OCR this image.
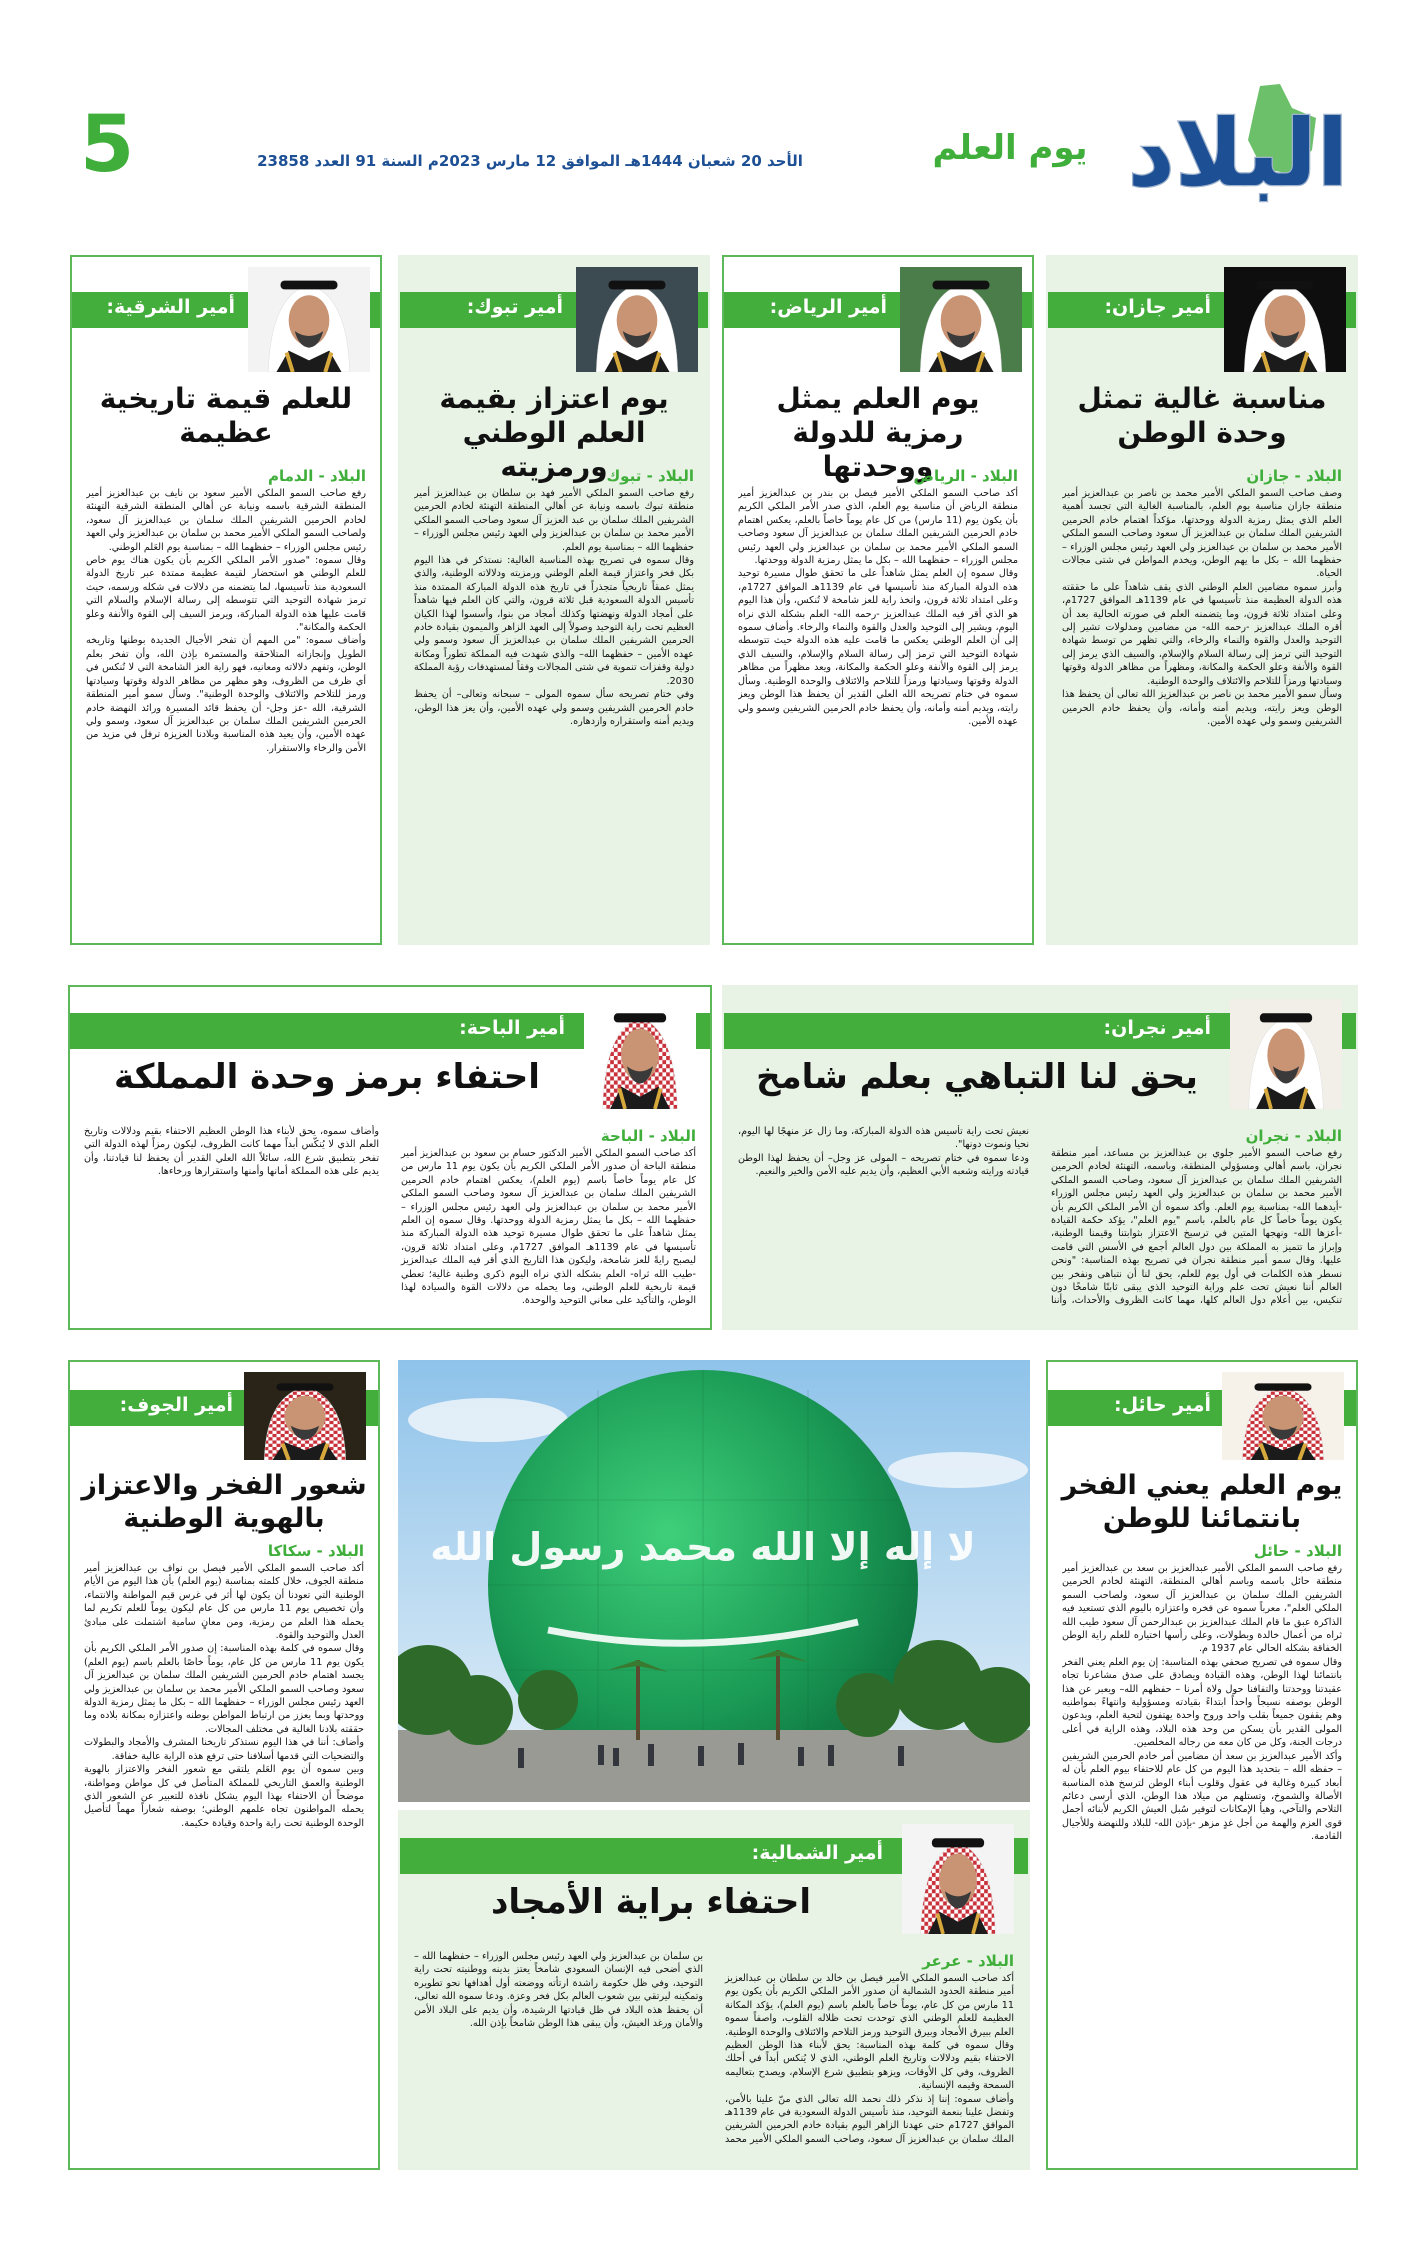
البلاد
يوم العلم
الأحد 20 شعبان 1444هـ الموافق 12 مارس 2023م السنة 91 العدد 23858
5
لا إله إلا الله محمد رسول الله
أمير جازان:
مناسبة غالية تمثل وحدة الوطن
البلاد - جازان

وصف صاحب السمو الملكي الأمير محمد بن ناصر بن عبدالعزيز أمير منطقة جازان مناسبة يوم العلم، بالمناسبة الغالية التي تجسد أهمية العلم الذي يمثل رمزية الدولة ووحدتها، مؤكداً اهتمام خادم الحرمين الشريفين الملك سلمان بن عبدالعزيز آل سعود وصاحب السمو الملكي الأمير محمد بن سلمان بن عبدالعزيز ولي العهد رئيس مجلس الوزراء – حفظهما الله – بكل ما يهم الوطن، ويخدم المواطن في شتى مجالات الحياة.

وأبرز سموه مضامين العلم الوطني الذي يقف شاهداً على ما حققته هذه الدولة العظيمة منذ تأسيسها في عام 1139هـ الموافق 1727م، وعلى امتداد ثلاثة قرون، وما يتضمنه العلم في صورته الحالية بعد أن أقره الملك عبدالعزيز -رحمه الله- من مضامين ومدلولات تشير إلى التوحيد والعدل والقوة والنماء والرخاء، والتي تظهر من توسط شهادة التوحيد التي ترمز إلى رسالة السلام والإسلام، والسيف الذي يرمز إلى القوة والأنفة وعلو الحكمة والمكانة، ومظهراً من مظاهر الدولة وقوتها وسيادتها ورمزاً للتلاحم والائتلاف والوحدة الوطنية.

وسأل سمو الأمير محمد بن ناصر بن عبدالعزيز الله تعالى أن يحفظ هذا الوطن ويعز رايته، ويديم أمنه وأمانه، وأن يحفظ خادم الحرمين الشريفين وسمو ولي عهده الأمين.

أمير الرياض:
يوم العلم يمثل رمزية للدولة ووحدتها
البلاد - الرياض

أكد صاحب السمو الملكي الأمير فيصل بن بندر بن عبدالعزيز أمير منطقة الرياض أن مناسبة يوم العلم، الذي صدر الأمر الملكي الكريم بأن يكون يوم (11 مارس) من كل عام يوماً خاصاً بالعلم، يعكس اهتمام خادم الحرمين الشريفين الملك سلمان بن عبدالعزيز آل سعود وصاحب السمو الملكي الأمير محمد بن سلمان بن عبدالعزيز ولي العهد رئيس مجلس الوزراء – حفظهما الله – بكل ما يمثل رمزية الدولة ووحدتها.

وقال سموه إن العلم يمثل شاهداً على ما تحقق طوال مسيرة توحيد هذه الدولة المباركة منذ تأسيسها في عام 1139هـ الموافق 1727م، وعلى امتداد ثلاثة قرون، واتخذ راية للعز شامخة لا تُنكس، وأن هذا اليوم هو الذي أقر فيه الملك عبدالعزيز -رحمه الله- العلم بشكله الذي نراه اليوم، ويشير إلى التوحيد والعدل والقوة والنماء والرخاء. وأضاف سموه إلى أن العلم الوطني يعكس ما قامت عليه هذه الدولة حيث تتوسطه شهادة التوحيد التي ترمز إلى رسالة السلام والإسلام، والسيف الذي يرمز إلى القوة والأنفة وعلو الحكمة والمكانة، ويعد مظهراً من مظاهر الدولة وقوتها وسيادتها ورمزاً للتلاحم والائتلاف والوحدة الوطنية. وسأل سموه في ختام تصريحه الله العلي القدير أن يحفظ هذا الوطن ويعز رايته، ويديم أمنه وأمانه، وأن يحفظ خادم الحرمين الشريفين وسمو ولي عهده الأمين.

أمير تبوك:
يوم اعتزاز بقيمة العلم الوطني ورمزيته
البلاد - تبوك

رفع صاحب السمو الملكي الأمير فهد بن سلطان بن عبدالعزيز أمير منطقة تبوك باسمه ونيابة عن أهالي المنطقة التهنئة لخادم الحرمين الشريفين الملك سلمان بن عبد العزيز آل سعود وصاحب السمو الملكي الأمير محمد بن سلمان بن عبدالعزيز ولي العهد رئيس مجلس الوزراء – حفظهما الله – بمناسبة يوم العلم.

وقال سموه في تصريح بهذه المناسبة الغالية: نستذكر في هذا اليوم بكل فخر واعتزاز قيمة العلم الوطني ورمزيته ودلالاته الوطنية، والذي يمثل عمقاً تاريخياً متجذراً في تاريخ هذه الدولة المباركة الممتدة منذ تأسيس الدولة السعودية قبل ثلاثة قرون، والتي كان العلم فيها شاهداً على أمجاد الدولة ونهضتها وكذلك أمجاد من بنوا، وأسسوا لهذا الكيان العظيم تحت راية التوحيد وصولاً إلى العهد الزاهر والميمون بقيادة خادم الحرمين الشريفين الملك سلمان بن عبدالعزيز آل سعود وسمو ولي عهده الأمين – حفظهما الله– والذي شهدت فيه المملكة تطوراً ومكانة دولية وقفزات تنموية في شتى المجالات وفقاً لمستهدفات رؤية المملكة 2030.

وفي ختام تصريحه سأل سموه المولى – سبحانه وتعالى– أن يحفظ خادم الحرمين الشريفين وسمو ولي عهده الأمين، وأن يعز هذا الوطن، ويديم أمنه واستقراره وازدهاره.

أمير الشرقية:
للعلم قيمة تاريخية عظيمة
البلاد - الدمام

رفع صاحب السمو الملكي الأمير سعود بن نايف بن عبدالعزيز أمير المنطقة الشرقية باسمه ونيابة عن أهالي المنطقة الشرقية التهنئة لخادم الحرمين الشريفين الملك سلمان بن عبدالعزيز آل سعود، ولصاحب السمو الملكي الأمير محمد بن سلمان بن عبدالعزيز ولي العهد رئيس مجلس الوزراء – حفظهما الله – بمناسبة يوم العَلم الوطني.

وقال سموه: "صدور الأمر الملكي الكريم بأن يكون هناك يوم خاص للعلم الوطني هو استحضار لقيمة عظيمة ممتدة عبر تاريخ الدولة السعودية منذ تأسيسها، لما يتضمنه من دلالات في شكله ورسمه، حيث ترمز شهادة التوحيد التي تتوسطه إلى رسالة الإسلام والسلام التي قامت عليها هذه الدولة المباركة، ويرمز السيف إلى القوة والأنفة وعلو الحكمة والمكانة".

وأضاف سموه: "من المهم أن تفخر الأجيال الجديدة بوطنها وتاريخه الطويل وإنجازاته المتلاحقة والمستمرة بإذن الله، وأن تفخر بعلم الوطن، وتفهم دلالاته ومعانيه، فهو راية العز الشامخة التي لا تُنكس في أي ظرف من الظروف، وهو مظهر من مظاهر الدولة وقوتها وسيادتها ورمز للتلاحم والائتلاف والوحدة الوطنية". وسأل سمو أمير المنطقة الشرقية، الله -عز وجل- أن يحفظ قائد المسيرة ورائد النهضة خادم الحرمين الشريفين الملك سلمان بن عبدالعزيز آل سعود، وسمو ولي عهده الأمين، وأن يعيد هذه المناسبة وبلادنا العزيزة ترفل في مزيد من الأمن والرخاء والاستقرار.

أمير نجران:
يحق لنا التباهي بعلم شامخ
البلاد - نجران

رفع صاحب السمو الأمير جلوي بن عبدالعزيز بن مساعد، أمير منطقة نجران، باسم أهالي ومسؤولي المنطقة، وباسمه، التهنئة لخادم الحرمين الشريفين الملك سلمان بن عبدالعزيز آل سعود، وصاحب السمو الملكي الأمير محمد بن سلمان بن عبدالعزيز ولي العهد رئيس مجلس الوزراء -أيدهما الله- بمناسبة يوم العلم. وأكد سموه أن الأمر الملكي الكريم بأن يكون يوماً خاصاً كل عام بالعلم، باسم "يوم العلم"، يؤكد حكمة القيادة -أعزها الله- ونهجها المتين في ترسيخ الاعتزاز بثوابتنا وقيمنا الوطنية، وإبراز ما تتميز به المملكة بين دول العالم أجمع في الأسس التي قامت عليها. وقال سمو أمير منطقة نجران في تصريح بهذه المناسبة: "ونحن نسطر هذه الكلمات في أول يوم للعلم، يحق لنا أن نتباهى ونفخر بين العالم أننا نعيش تحت علم وراية التوحيد الذي يبقى ثابتًا شامخًا دون تنكيس، بين أعلام دول العالم كلها، مهما كانت الظروف والأحداث، وأننا نعيش تحت راية تأسيس هذه الدولة المباركة، وما زال عز منهجًا لها اليوم، نحيا ونموت دونها".

ودعا سموه في ختام تصريحه – المولى عز وجل– أن يحفظ لهذا الوطن قيادته ورايته وشعبه الأبي العظيم، وأن يديم عليه الأمن والخير والنعيم.

أمير الباحة:
احتفاء برمز وحدة المملكة
البلاد - الباحة

أكد صاحب السمو الملكي الأمير الدكتور حسام بن سعود بن عبدالعزيز أمير منطقة الباحة أن صدور الأمر الملكي الكريم بأن يكون يوم 11 مارس من كل عام يوماً خاصاً باسم (يوم العلم)، يعكس اهتمام خادم الحرمين الشريفين الملك سلمان بن عبدالعزيز آل سعود وصاحب السمو الملكي الأمير محمد بن سلمان بن عبدالعزيز ولي العهد رئيس مجلس الوزراء – حفظهما الله – بكل ما يمثل رمزية الدولة ووحدتها. وقال سموه إن العلم يمثل شاهداً على ما تحقق طوال مسيرة توحيد هذه الدولة المباركة منذ تأسيسها في عام 1139هـ الموافق 1727م، وعلى امتداد ثلاثة قرون، ليصبح رايةً للعز شامخة، وليكون هذا التاريخ الذي أقر فيه الملك عبدالعزيز -طيب الله ثراه- العلم بشكله الذي نراه اليوم ذكرى وطنية غالية؛ تعطي قيمة تاريخية للعلم الوطني، وما يحمله من دلالات القوة والسيادة لهذا الوطن، والتأكيد على معاني التوحيد والوحدة.

وأضاف سموه، يحق لأبناء هذا الوطن العظيم الاحتفاء بقيم ودلالات وتاريخ العلم الذي لا يُنكّس أبداً مهما كانت الظروف، ليكون رمزاً لهذه الدولة التي تفخر بتطبيق شرع الله، سائلاً الله العلي القدير أن يحفظ لنا قيادتنا، وأن يديم على هذه المملكة أمانها وأمنها واستقرارها ورخاءها.

أمير حائل:
يوم العلم يعني الفخر بانتمائنا للوطن
البلاد - حائل

رفع صاحب السمو الملكي الأمير عبدالعزيز بن سعد بن عبدالعزيز أمير منطقة حائل باسمه وباسم أهالي المنطقة، التهنئة لخادم الحرمين الشريفين الملك سلمان بن عبدالعزيز آل سعود، ولصاحب السمو الملكي العلم"، معرباً سموه عن فخره واعتزازه باليوم الذي تستعيد فيه الذاكرة عبق ما قام الملك عبدالعزيز بن عبدالرحمن آل سعود طيب الله ثراه من أعمال خالدة وبطولات، وعلى رأسها اختياره للعلم راية الوطن الخفاقة بشكله الحالي عام 1937 م.

وقال سموه في تصريح صحفي بهذه المناسبة: إن يوم العلم يعني الفخر بانتمائنا لهذا الوطن، وهذه القيادة ويصادق على صدق مشاعرنا تجاه عقيدتنا ووحدتنا والتفافنا حول ولاة أمرنا – حفظهم الله– ويعبر عن هذا الوطن بوصفه نسيجاً واحداً ابتداءً بقيادته ومسؤولية وانتهاءً بمواطنيه وهم يقفون جميعاً بقلب واحد وروح واحدة يهتفون لتحية العلم، ويدعون المولى القدير بأن يسكن من وحد هذه البلاد، وهذه الراية في أعلى درجات الجنة، وكل من كان معه من رجاله المخلصين.

وأكد الأمير عبدالعزيز بن سعد أن مضامين أمر خادم الحرمين الشريفين – حفظه الله – بتحديد هذا اليوم من كل عام للاحتفاء بيوم العلم بأن له أبعاد كبيرة وغالية في عقول وقلوب أبناء الوطن لترسخ هذه المناسبة الأصالة والشموخ، وتستلهم من ميلاد هذا الوطن، الذي أرسى دعائم التلاحم والتآخي، وهيأ الإمكانات لتوفير سُبل العيش الكريم لأبنائه أجمل قوى العزم والهمة من أجل غدٍ مزهر -بإذن الله- للبلاد وللنهضة وللأجيال القادمة.

أمير الجوف:
شعور الفخر والاعتزاز بالهوية الوطنية
البلاد - سكاكا

أكد صاحب السمو الملكي الأمير فيصل بن نواف بن عبدالعزيز أمير منطقة الجوف، خلال كلمته بمناسبة (يوم العلم) بأن هذا اليوم من الأيام الوطنية التي تعودنا أن يكون لها أثر في غرس قيم المواطنة والانتماء، وأن تخصيص يوم 11 مارس من كل عام ليكون يوماً للعلم تكريم لما يحمله هذا العلم من رمزية، ومن معانٍ سامية اشتملت على مبادئ العدل والتوحيد والقوة.

وقال سموه في كلمة بهذه المناسبة: إن صدور الأمر الملكي الكريم بأن يكون يوم 11 مارس من كل عام، يوماً خاصًا بالعلم باسم (يوم العلم) يجسد اهتمام خادم الحرمين الشريفين الملك سلمان بن عبدالعزيز آل سعود وصاحب السمو الملكي الأمير محمد بن سلمان بن عبدالعزيز ولي العهد رئيس مجلس الوزراء – حفظهما الله – بكل ما يمثل رمزية الدولة ووحدتها وبما يعزز من ارتباط المواطن بوطنه واعتزازه بمكانة بلاده وما حققته بلادنا الغالية في مختلف المجالات.

وأضاف: أننا في هذا اليوم نستذكر تاريخنا المشرف والأمجاد والبطولات والتضحيات التي قدمها أسلافنا حتى ترفع هذه الراية عالية خفاقة.

وبين سموه أن يوم العَلم يلتقي مع شعور الفخر والاعتزاز بالهوية الوطنية والعمق التاريخي للمملكة المتأصل في كل مواطن ومواطنة، موضحاً أن الاحتفاء بهذا اليوم يشكل نافذة للتعبير عن الشعور الذي يحمله المواطنون تجاه علمهم الوطني؛ بوصفه شعاراً مهماً لتأصيل الوحدة الوطنية تحت راية واحدة وقيادة حكيمة.

أمير الشمالية:
احتفاء براية الأمجاد
البلاد - عرعر

أكد صاحب السمو الملكي الأمير فيصل بن خالد بن سلطان بن عبدالعزيز أمير منطقة الحدود الشمالية أن صدور الأمر الملكي الكريم بأن يكون يوم 11 مارس من كل عام، يوماً خاصاً بالعلم باسم (يوم العلم)، يؤكد المكانة العظيمة للعلم الوطني الذي توحدت تحت ظلاله القلوب، واصفاً سموه العلم ببيرق الأمجاد وبيرق التوحيد ورمز التلاحم والائتلاف والوحدة الوطنية.

وقال سموه في كلمة بهذه المناسبة: يحق لأبناء هذا الوطن العظيم الاحتفاء بقيم ودلالات وتاريخ العلم الوطني، الذي لا يُنكس أبداً في أحلك الظروف، وفي كل الأوقات، ويزهو بتطبيق شرع الإسلام، ويصدح بتعاليمه السمحة وقيمه الإنسانية.

وأضاف سموه: إننا إذ نذكر ذلك نحمد الله تعالى الذي منّ علينا بالأمن، وتفضل علينا بنعمة التوحيد، منذ تأسيس الدولة السعودية في عام 1139هـ الموافق 1727م حتى عهدنا الزاهر اليوم بقيادة خادم الحرمين الشريفين الملك سلمان بن عبدالعزيز آل سعود، وصاحب السمو الملكي الأمير محمد بن سلمان بن عبدالعزيز ولي العهد رئيس مجلس الوزراء – حفظهما الله – الذي أضحى فيه الإنسان السعودي شامخاً يعتز بدينه ووطنيته تحت راية التوحيد، وفي ظل حكومة راشدة ارتأته ووضعته أول أهدافها نحو تطويره وتمكينه ليرتقي بين شعوب العالم بكل فخر وعزة. ودعا سموه الله تعالى، أن يحفظ هذه البلاد في ظل قيادتها الرشيدة، وأن يديم على البلاد الأمن والأمان ورغد العيش، وأن يبقى هذا الوطن شامخاً بإذن الله.
